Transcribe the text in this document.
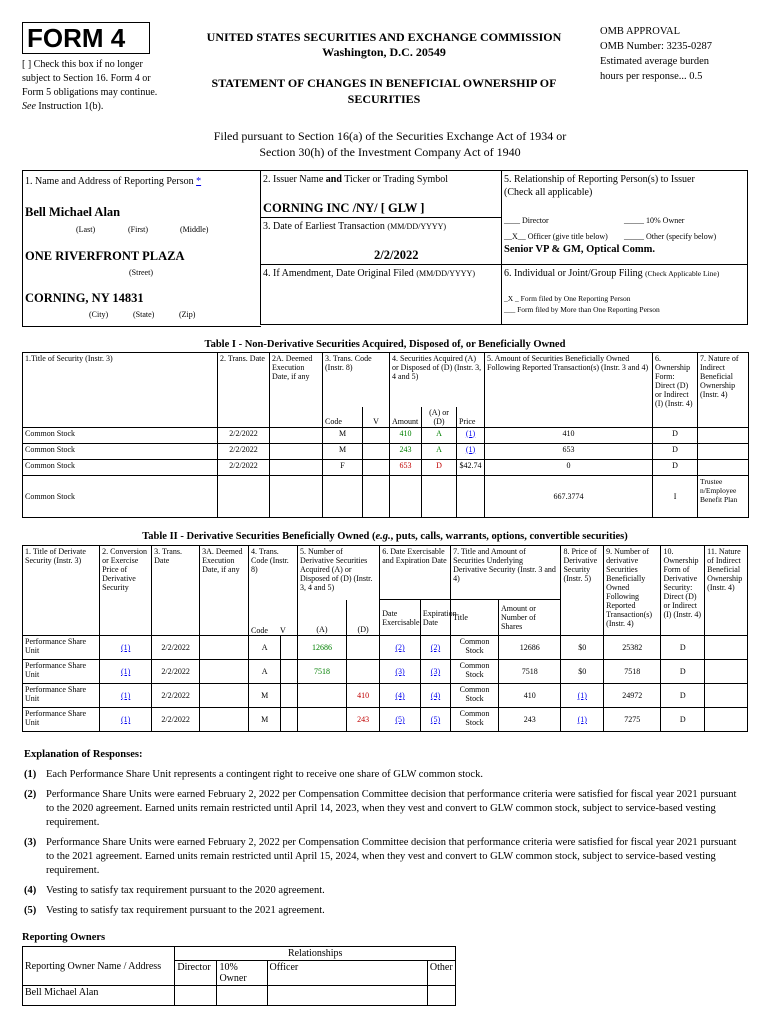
FORM 4
[ ] Check this box if no longer subject to Section 16. Form 4 or Form 5 obligations may continue. See Instruction 1(b).
UNITED STATES SECURITIES AND EXCHANGE COMMISSION
Washington, D.C. 20549
STATEMENT OF CHANGES IN BENEFICIAL OWNERSHIP OF SECURITIES
OMB APPROVAL
OMB Number: 3235-0287
Estimated average burden
hours per response... 0.5
Filed pursuant to Section 16(a) of the Securities Exchange Act of 1934 or
Section 30(h) of the Investment Company Act of 1940
1. Name and Address of Reporting Person *
Bell Michael Alan
(Last)	(First)	(Middle)
ONE RIVERFRONT PLAZA
(Street)
CORNING, NY 14831
(City)	(State)	(Zip)
2. Issuer Name and Ticker or Trading Symbol
CORNING INC /NY/ [ GLW ]
3. Date of Earliest Transaction (MM/DD/YYYY)
2/2/2022
4. If Amendment, Date Original Filed (MM/DD/YYYY)
5. Relationship of Reporting Person(s) to Issuer
(Check all applicable)
____ Director	_____ 10% Owner
__X__ Officer (give title below) _____ Other (specify below)
Senior VP & GM, Optical Comm.
6. Individual or Joint/Group Filing (Check Applicable Line)
_X _ Form filed by One Reporting Person
___ Form filed by More than One Reporting Person
Table I - Non-Derivative Securities Acquired, Disposed of, or Beneficially Owned
1.Title of Security (Instr. 3)	2. Trans. Date	2A. Deemed Execution Date, if any	3. Trans. Code (Instr. 8)		4. Securities Acquired (A) or Disposed of (D) (Instr. 3, 4 and 5)			5. Amount of Securities Beneficially Owned Following Reported Transaction(s) (Instr. 3 and 4)	6. Ownership Form: Direct (D) or Indirect (I) (Instr. 4)	7. Nature of Indirect Beneficial Ownership (Instr. 4)
			Code	V	Amount	(A) or (D)	Price			
Common Stock	2/2/2022		M		410	A	(1)	410	D	
Common Stock	2/2/2022		M		243	A	(1)	653	D	
Common Stock	2/2/2022		F		653	D	$42.74	0	D	
Common Stock								667.3774	I	Trustee n/Employee Benefit Plan
Table II - Derivative Securities Beneficially Owned (e.g., puts, calls, warrants, options, convertible securities)
1. Title of Derivate Security (Instr. 3)	2. Conversion or Exercise Price of Derivative Security	3. Trans. Date	3A. Deemed Execution Date, if any	4. Trans. Code (Instr. 8)		5. Number of Derivative Securities Acquired (A) or Disposed of (D) (Instr. 3, 4 and 5)		6. Date Exercisable and Expiration Date		7. Title and Amount of Securities Underlying Derivative Security (Instr. 3 and 4)		8. Price of Derivative Security (Instr. 5)	9. Number of derivative Securities Beneficially Owned Following Reported Transaction(s) (Instr. 4)	10. Ownership Form of Derivative Security: Direct (D) or Indirect (I) (Instr. 4)	11. Nature of Indirect Beneficial Ownership (Instr. 4)

				Code V		(A)	(D)	Date Exercisable	Expiration Date	Title	Amount or Number of Shares				

Performance Share Unit	(1)	2/2/2022		A		12686		(2)	(2)	Common Stock	12686	$0	25382	D	
Performance Share Unit	(1)	2/2/2022		A		7518		(3)	(3)	Common Stock	7518	$0	7518	D	
Performance Share Unit	(1)	2/2/2022		M			410	(4)	(4)	Common Stock	410	(1)	24972	D	
Performance Share Unit	(1)	2/2/2022		M			243	(5)	(5)	Common Stock	243	(1)	7275	D	
Explanation of Responses:
(1) Each Performance Share Unit represents a contingent right to receive one share of GLW common stock.
(2) Performance Share Units were earned February 2, 2022 per Compensation Committee decision that performance criteria were satisfied for fiscal year 2021 pursuant to the 2020 agreement. Earned units remain restricted until April 14, 2023, when they vest and convert to GLW common stock, subject to service-based vesting requirement.
(3) Performance Share Units were earned February 2, 2022 per Compensation Committee decision that performance criteria were satisfied for fiscal year 2021 pursuant to the 2021 agreement. Earned units remain restricted until April 15, 2024, when they vest and convert to GLW common stock, subject to service-based vesting requirement.
(4) Vesting to satisfy tax requirement pursuant to the 2020 agreement.
(5) Vesting to satisfy tax requirement pursuant to the 2021 agreement.
Reporting Owners
Reporting Owner Name / Address	Relationships			
	Director	10% Owner	Officer	Other
Bell Michael Alan				
